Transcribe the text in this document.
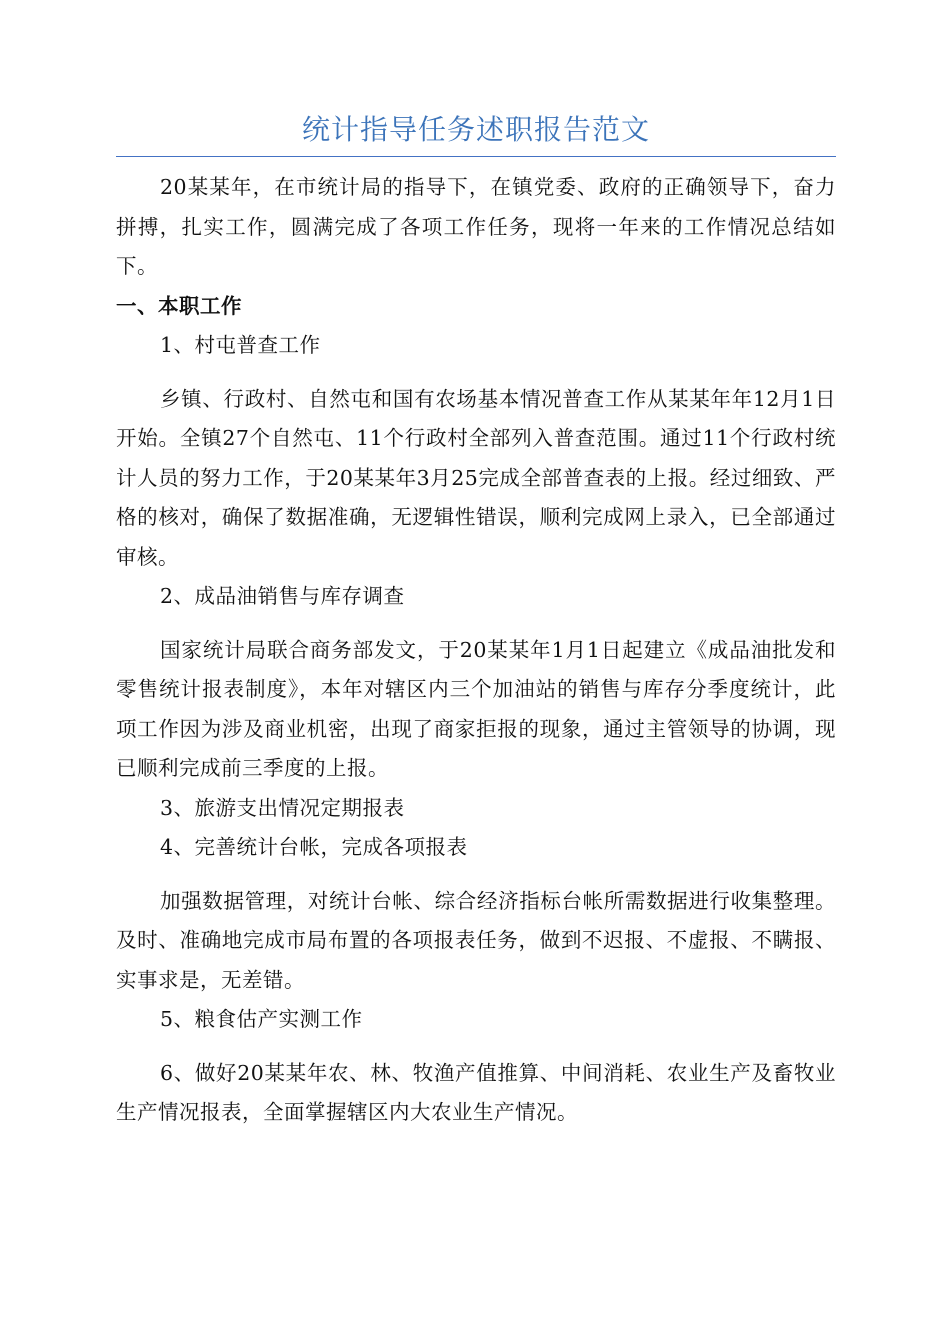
统计指导任务述职报告范文

20某某年，在市统计局的指导下，在镇党委、政府的正确领导下，奋力拼搏，扎实工作，圆满完成了各项工作任务，现将一年来的工作情况总结如下。

一、本职工作

1、村屯普查工作

乡镇、行政村、自然屯和国有农场基本情况普查工作从某某年年12月1日开始。全镇27个自然屯、11个行政村全部列入普查范围。通过11个行政村统计人员的努力工作，于20某某年3月25完成全部普查表的上报。经过细致、严格的核对，确保了数据准确，无逻辑性错误，顺利完成网上录入，已全部通过审核。

2、成品油销售与库存调查

国家统计局联合商务部发文，于20某某年1月1日起建立《成品油批发和零售统计报表制度》，本年对辖区内三个加油站的销售与库存分季度统计，此项工作因为涉及商业机密，出现了商家拒报的现象，通过主管领导的协调，现已顺利完成前三季度的上报。

3、旅游支出情况定期报表

4、完善统计台帐，完成各项报表

加强数据管理，对统计台帐、综合经济指标台帐所需数据进行收集整理。及时、准确地完成市局布置的各项报表任务，做到不迟报、不虚报、不瞒报、实事求是，无差错。

5、粮食估产实测工作

6、做好20某某年农、林、牧渔产值推算、中间消耗、农业生产及畜牧业生产情况报表，全面掌握辖区内大农业生产情况。
